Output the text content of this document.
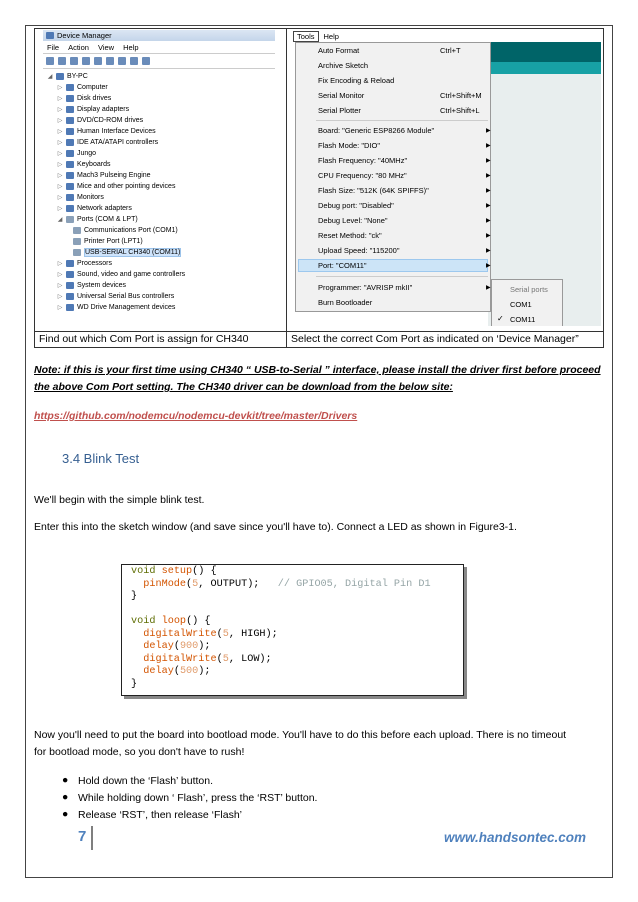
Device Manager
File Action View Help
◢ BY-PC
▷ Computer
▷ Disk drives
▷ Display adapters
▷ DVD/CD-ROM drives
▷ Human Interface Devices
▷ IDE ATA/ATAPI controllers
▷ Jungo
▷ Keyboards
▷ Mach3 Pulseing Engine
▷ Mice and other pointing devices
▷ Monitors
▷ Network adapters
◢ Ports (COM & LPT)
Communications Port (COM1)
Printer Port (LPT1)
USB-SERIAL CH340 (COM11)
▷ Processors
▷ Sound, video and game controllers
▷ System devices
▷ Universal Serial Bus controllers
▷ WD Drive Management devices
Tools	Help
Auto Format	Ctrl+T
Archive Sketch
Fix Encoding & Reload
Serial Monitor	Ctrl+Shift+M
Serial Plotter	Ctrl+Shift+L
Board: "Generic ESP8266 Module"	▶
Flash Mode: "DIO"	▶
Flash Frequency: "40MHz"	▶
CPU Frequency: "80 MHz"	▶
Flash Size: "512K (64K SPIFFS)"	▶
Debug port: "Disabled"	▶
Debug Level: "None"	▶
Reset Method: "ck"	▶
Upload Speed: "115200"	▶
Port: "COM11"	▶
Programmer: "AVRISP mkII"	▶
Burn Bootloader
Serial ports
COM1
✓ COM11
Find out which Com Port is assign for CH340	Select the correct Com Port as indicated on ‘Device Manager”
Note: if this is your first time using CH340 “ USB-to-Serial ” interface, please install the driver first before proceed
the above Com Port setting. The CH340 driver can be download from the below site:
https://github.com/nodemcu/nodemcu-devkit/tree/master/Drivers
3.4 Blink Test
We'll begin with the simple blink test.
Enter this into the sketch window (and save since you'll have to). Connect a LED as shown in Figure3-1.
void setup() {
pinMode(5, OUTPUT); // GPIO05, Digital Pin D1
}
void loop() {
digitalWrite(5, HIGH);
delay(900);
digitalWrite(5, LOW);
delay(500);
}
Now you'll need to put the board into bootload mode. You'll have to do this before each upload. There is no timeout
for bootload mode, so you don't have to rush!
● Hold down the ‘Flash’ button.
● While holding down ‘ Flash’, press the ‘RST’ button.
● Release ‘RST’, then release ‘Flash’
7	www.handsontec.com
